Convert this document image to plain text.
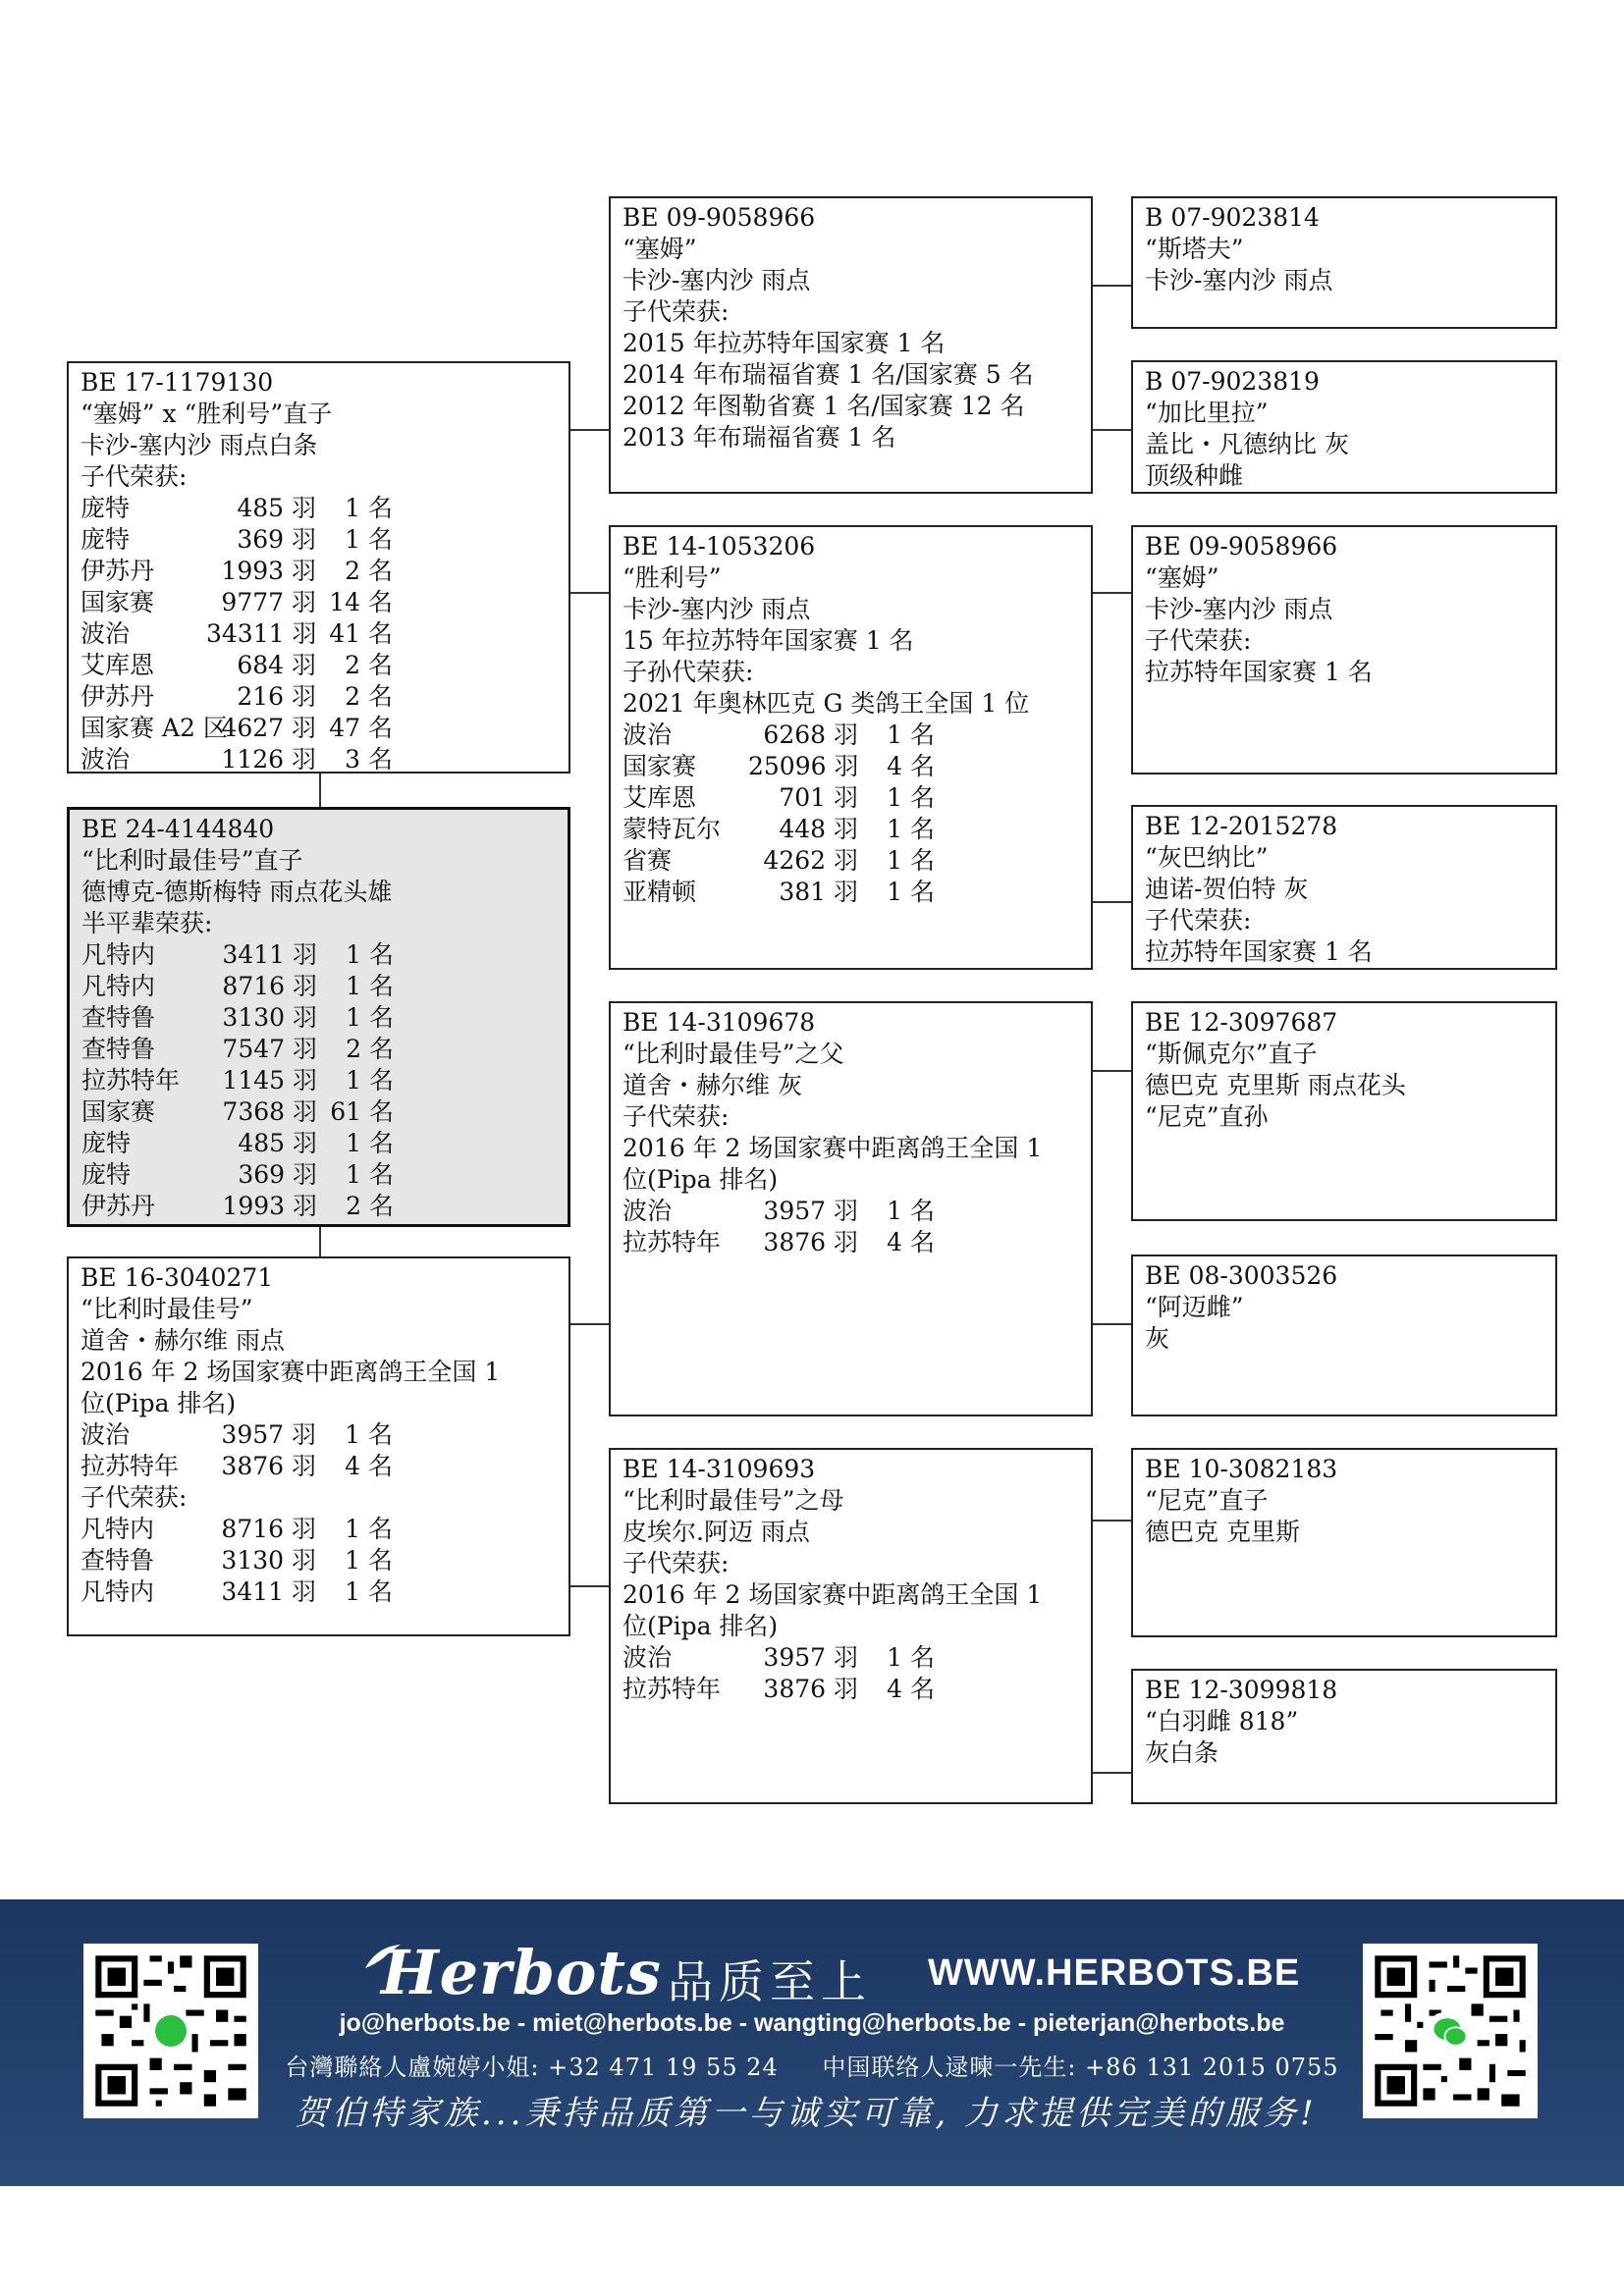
BE 17-1179130
“塞姆” x “胜利号”直子
卡沙-塞内沙 雨点白条
子代荣获:
庞特	485 羽 1 名
庞特	369 羽 1 名
伊苏丹	1993 羽 2 名
国家赛	9777 羽 14 名
波治	34311 羽 41 名
艾库恩	684 羽 2 名
伊苏丹	216 羽 2 名
国家赛 A2 区4627 羽 47 名
波治	1126 羽 3 名
BE 24-4144840
“比利时最佳号”直子
德博克-德斯梅特 雨点花头雄
半平辈荣获:
凡特内	3411 羽 1 名
凡特内	8716 羽 1 名
查特鲁	3130 羽 1 名
查特鲁	7547 羽 2 名
拉苏特年 1145 羽 1 名
国家赛	7368 羽 61 名
庞特	485 羽 1 名
庞特	369 羽 1 名
伊苏丹	1993 羽 2 名
BE 16-3040271
“比利时最佳号”
道舍・赫尔维 雨点
2016 年 2 场国家赛中距离鸽王全国 1
位(Pipa 排名)
波治	3957 羽 1 名
拉苏特年 3876 羽 4 名
子代荣获:
凡特内	8716 羽 1 名
查特鲁	3130 羽 1 名
凡特内	3411 羽 1 名
BE 09-9058966
“塞姆”
卡沙-塞内沙 雨点
子代荣获:
2015 年拉苏特年国家赛 1 名
2014 年布瑞福省赛 1 名/国家赛 5 名
2012 年图勒省赛 1 名/国家赛 12 名
2013 年布瑞福省赛 1 名
BE 14-1053206
“胜利号”
卡沙-塞内沙 雨点
15 年拉苏特年国家赛 1 名
子孙代荣获:
2021 年奥林匹克 G 类鸽王全国 1 位
波治	6268 羽 1 名
国家赛 25096 羽 4 名
艾库恩	701 羽 1 名
蒙特瓦尔 448 羽 1 名
省赛	4262 羽 1 名
亚精顿	381 羽 1 名
BE 14-3109678
“比利时最佳号”之父
道舍・赫尔维 灰
子代荣获:
2016 年 2 场国家赛中距离鸽王全国 1
位(Pipa 排名)
波治	3957 羽 1 名
拉苏特年 3876 羽 4 名
BE 14-3109693
“比利时最佳号”之母
皮埃尔.阿迈 雨点
子代荣获:
2016 年 2 场国家赛中距离鸽王全国 1
位(Pipa 排名)
波治	3957 羽 1 名
拉苏特年 3876 羽 4 名
B 07-9023814
“斯塔夫”
卡沙-塞内沙 雨点
B 07-9023819
“加比里拉”
盖比・凡德纳比 灰
顶级种雌
BE 09-9058966
“塞姆”
卡沙-塞内沙 雨点
子代荣获:
拉苏特年国家赛 1 名
BE 12-2015278
“灰巴纳比”
迪诺-贺伯特 灰
子代荣获:
拉苏特年国家赛 1 名
BE 12-3097687
“斯佩克尔”直子
德巴克 克里斯 雨点花头
“尼克”直孙
BE 08-3003526
“阿迈雌”
灰
BE 10-3082183
“尼克”直子
德巴克 克里斯
BE 12-3099818
“白羽雌 818”
灰白条
Herbots 品质至上 WWW.HERBOTS.BE
jo@herbots.be - miet@herbots.be - wangting@herbots.be - pieterjan@herbots.be
台灣聯絡人盧婉婷小姐: +32 471 19 55 24 中国联络人逯暕一先生: +86 131 2015 0755
贺伯特家族...秉持品质第一与诚实可靠, 力求提供完美的服务!
